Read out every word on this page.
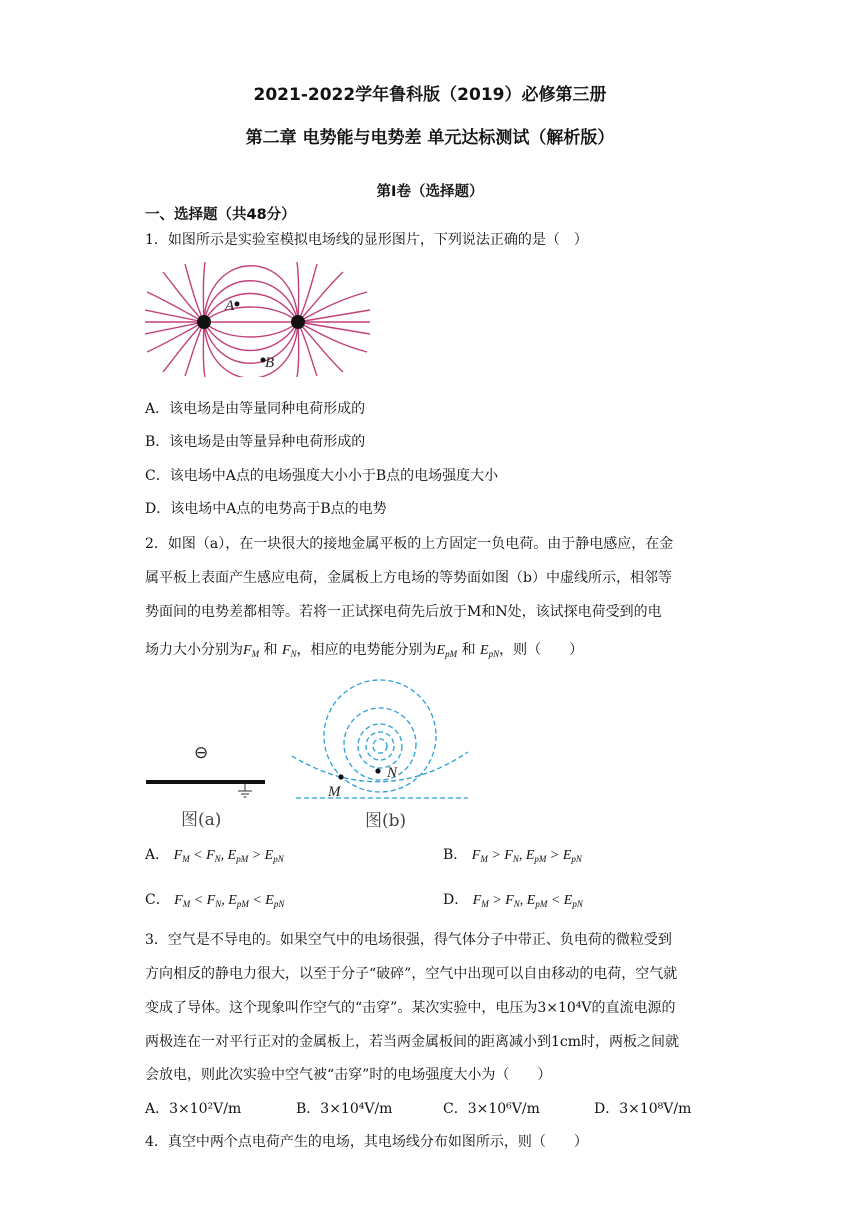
2021-2022学年鲁科版（2019）必修第三册
第二章 电势能与电势差 单元达标测试（解析版）
第Ⅰ卷（选择题）
一、选择题（共48分）
1．如图所示是实验室模拟电场线的显形图片，下列说法正确的是（　）
A
B
A．该电场是由等量同种电荷形成的
B．该电场是由等量异种电荷形成的
C．该电场中A点的电场强度大小小于B点的电场强度大小
D．该电场中A点的电势高于B点的电势
2．如图（a），在一块很大的接地金属平板的上方固定一负电荷。由于静电感应，在金
属平板上表面产生感应电荷，金属板上方电场的等势面如图（b）中虚线所示，相邻等
势面间的电势差都相等。若将一正试探电荷先后放于M和N处，该试探电荷受到的电
场力大小分别为$F_M$ 和 $F_N$，相应的电势能分别为$E_{pM}$ 和 $E_{pN}$，则（　　）
⊖
图(a)
M
N
图(b)
A． $F_M < F_N$, $E_{pM} > E_{pN}$	B． $F_M > F_N$, $E_{pM} > E_{pN}$
C． $F_M < F_N$, $E_{pM} < E_{pN}$	D． $F_M > F_N$, $E_{pM} < E_{pN}$
3．空气是不导电的。如果空气中的电场很强，得气体分子中带正、负电荷的微粒受到
方向相反的静电力很大，以至于分子“破碎”，空气中出现可以自由移动的电荷，空气就
变成了导体。这个现象叫作空气的“击穿”。某次实验中，电压为3×10⁴V的直流电源的
两极连在一对平行正对的金属板上，若当两金属板间的距离减小到1cm时，两板之间就
会放电，则此次实验中空气被“击穿”时的电场强度大小为（　　）
A．3×10²V/m	B．3×10⁴V/m	C．3×10⁶V/m	D．3×10⁸V/m
4．真空中两个点电荷产生的电场，其电场线分布如图所示，则（　　）
